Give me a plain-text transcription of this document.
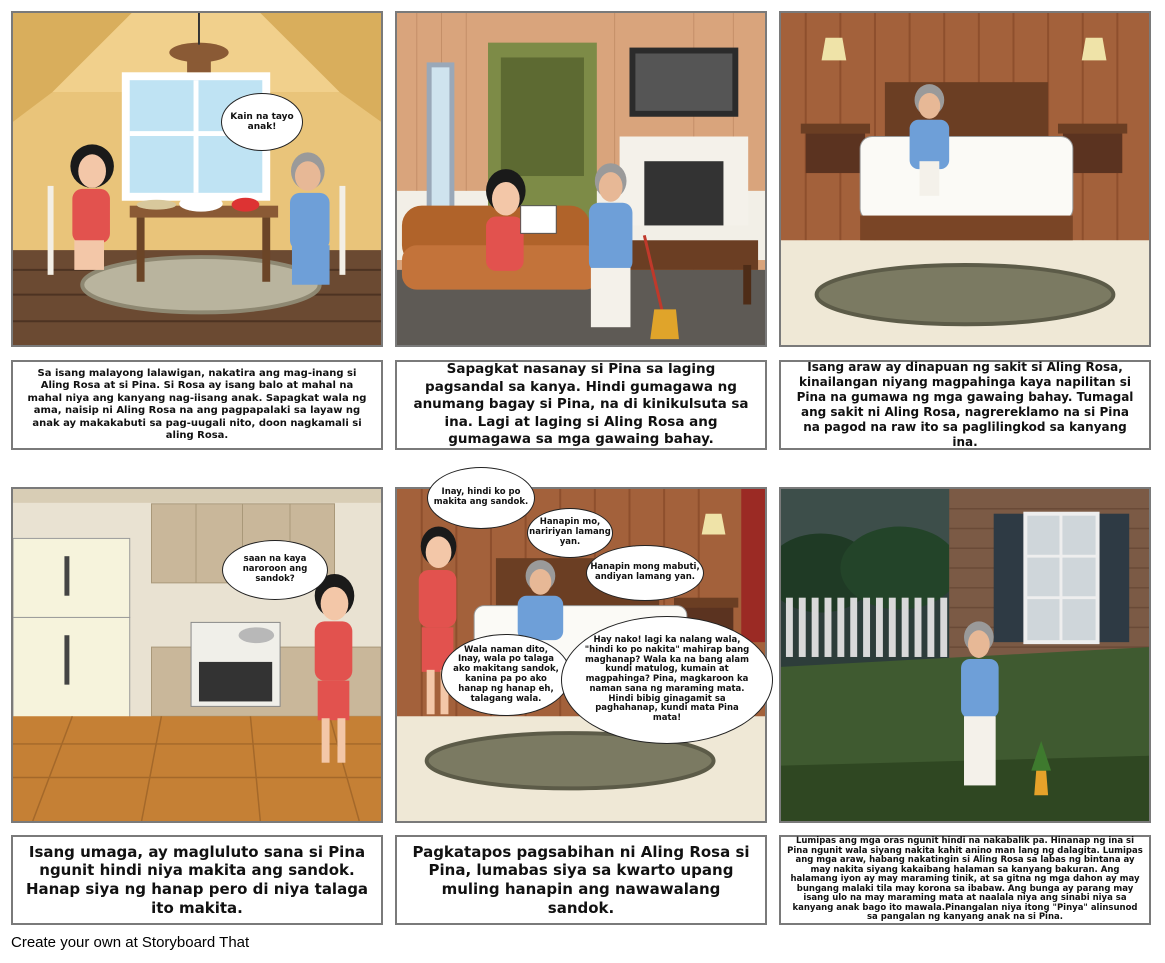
Sa isang malayong lalawigan, nakatira ang mag-inang si Aling Rosa at si Pina. Si Rosa ay isang balo at mahal na mahal niya ang kanyang nag-iisang anak. Sapagkat wala ng ama, naisip ni Aling Rosa na ang pagpapalaki sa layaw ng anak ay makakabuti sa pag-uugali nito, doon nagkamali si aling Rosa.
Sapagkat nasanay si Pina sa laging pagsandal sa kanya. Hindi gumagawa ng anumang bagay si Pina, na di kinikulsuta sa ina. Lagi at laging si Aling Rosa ang gumagawa sa mga gawaing bahay.
Isang araw ay dinapuan ng sakit si Aling Rosa, kinailangan niyang magpahinga kaya napilitan si Pina na gumawa ng mga gawaing bahay. Tumagal ang sakit ni Aling Rosa, nagrereklamo na si Pina na pagod na raw ito sa paglilingkod sa kanyang ina.
Isang umaga, ay magluluto sana si Pina ngunit hindi niya makita ang sandok. Hanap siya ng hanap pero di niya talaga ito makita.
Pagkatapos pagsabihan ni Aling Rosa si Pina, lumabas siya sa kwarto upang muling hanapin ang nawawalang sandok.
Lumipas ang mga oras ngunit hindi na nakabalik pa. Hinanap ng ina si Pina ngunit wala siyang nakita kahit anino man lang ng dalagita. Lumipas ang mga araw, habang nakatingin si Aling Rosa sa labas ng bintana ay may nakita siyang kakaibang halaman sa kanyang bakuran. Ang halamang iyon ay may maraming tinik, at sa gitna ng mga dahon ay may bungang malaki tila may korona sa ibabaw. Ang bunga ay parang may isang ulo na may maraming mata at naalala niya ang sinabi niya sa kanyang anak bago ito mawala.Pinangalan niya itong "Pinya" alinsunod sa pangalan ng kanyang anak na si Pina.
Kain na tayo anak!
saan na kaya naroroon ang sandok?
Inay, hindi ko po makita ang sandok.
Hanapin mo, naririyan lamang yan.
Hanapin mong mabuti, andiyan lamang yan.
Wala naman dito, Inay, wala po talaga ako makitang sandok, kanina pa po ako hanap ng hanap eh, talagang wala.
Hay nako! lagi ka nalang wala, "hindi ko po nakita" mahirap bang maghanap? Wala ka na bang alam kundi matulog, kumain at magpahinga? Pina, magkaroon ka naman sana ng maraming mata. Hindi bibig ginagamit sa paghahanap, kundi mata Pina mata!
Create your own at Storyboard That
